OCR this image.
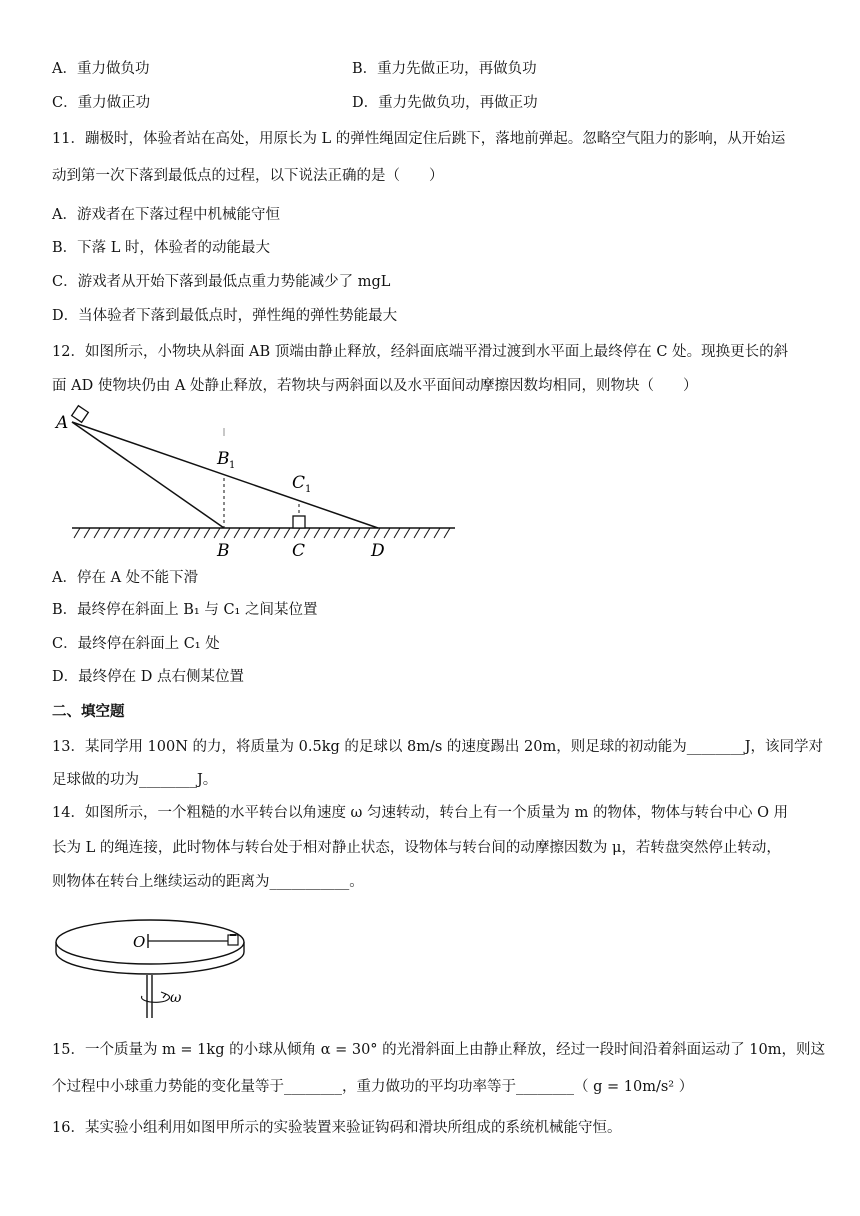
A．重力做负功	B．重力先做正功，再做负功
C．重力做正功	D．重力先做负功，再做正功
11．蹦极时，体验者站在高处，用原长为 L 的弹性绳固定住后跳下，落地前弹起。忽略空气阻力的影响，从开始运
动到第一次下落到最低点的过程，以下说法正确的是（　　）
A．游戏者在下落过程中机械能守恒
B．下落 L 时，体验者的动能最大
C．游戏者从开始下落到最低点重力势能减少了 mgL
D．当体验者下落到最低点时，弹性绳的弹性势能最大
12．如图所示，小物块从斜面 AB 顶端由静止释放，经斜面底端平滑过渡到水平面上最终停在 C 处。现换更长的斜
面 AD 使物块仍由 A 处静止释放，若物块与两斜面以及水平面间动摩擦因数均相同，则物块（　　）
A
B 1
C 1
B	C	D
A．停在 A 处不能下滑
B．最终停在斜面上 B₁ 与 C₁ 之间某位置
C．最终停在斜面上 C₁ 处
D．最终停在 D 点右侧某位置
二、填空题
13．某同学用 100N 的力，将质量为 0.5kg 的足球以 8m/s 的速度踢出 20m，则足球的初动能为________J，该同学对
足球做的功为________J。
14．如图所示，一个粗糙的水平转台以角速度 ω 匀速转动，转台上有一个质量为 m 的物体，物体与转台中心 O 用
长为 L 的绳连接，此时物体与转台处于相对静止状态，设物体与转台间的动摩擦因数为 μ，若转盘突然停止转动，
则物体在转台上继续运动的距离为___________。
ω
O
15．一个质量为 m = 1kg 的小球从倾角 α = 30° 的光滑斜面上由静止释放，经过一段时间沿着斜面运动了 10m，则这
个过程中小球重力势能的变化量等于________，重力做功的平均功率等于________（ g = 10m/s² ）
16．某实验小组利用如图甲所示的实验装置来验证钩码和滑块所组成的系统机械能守恒。
